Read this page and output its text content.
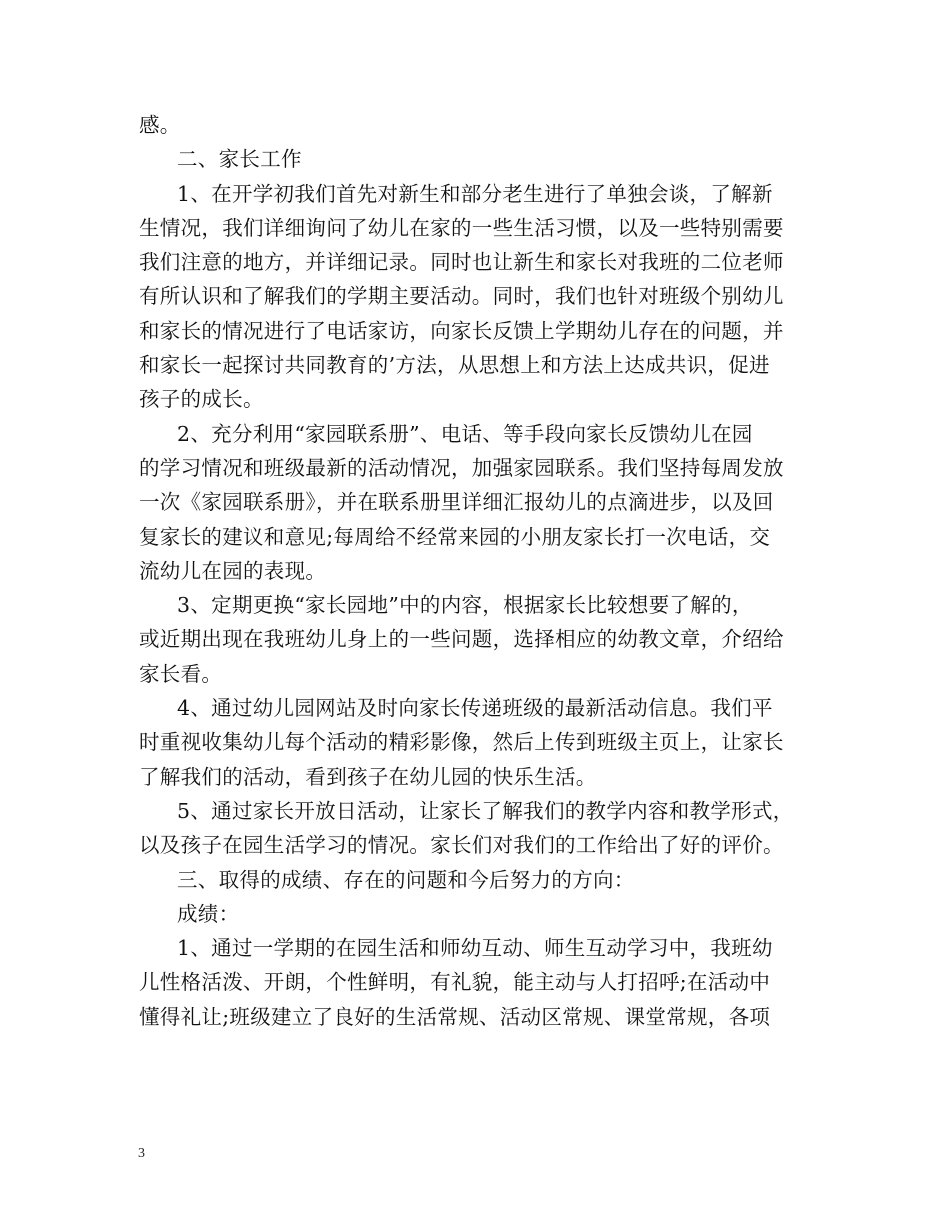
感。
二、家长工作
1、在开学初我们首先对新生和部分老生进行了单独会谈，了解新
生情况，我们详细询问了幼儿在家的一些生活习惯，以及一些特别需要
我们注意的地方，并详细记录。同时也让新生和家长对我班的二位老师
有所认识和了解我们的学期主要活动。同时，我们也针对班级个别幼儿
和家长的情况进行了电话家访，向家长反馈上学期幼儿存在的问题，并
和家长一起探讨共同教育的’方法，从思想上和方法上达成共识，促进
孩子的成长。
2、充分利用“家园联系册”、电话、等手段向家长反馈幼儿在园
的学习情况和班级最新的活动情况，加强家园联系。我们坚持每周发放
一次《家园联系册》，并在联系册里详细汇报幼儿的点滴进步，以及回
复家长的建议和意见;每周给不经常来园的小朋友家长打一次电话，交
流幼儿在园的表现。
3、定期更换“家长园地”中的内容，根据家长比较想要了解的，
或近期出现在我班幼儿身上的一些问题，选择相应的幼教文章，介绍给
家长看。
4、通过幼儿园网站及时向家长传递班级的最新活动信息。我们平
时重视收集幼儿每个活动的精彩影像，然后上传到班级主页上，让家长
了解我们的活动，看到孩子在幼儿园的快乐生活。
5、通过家长开放日活动，让家长了解我们的教学内容和教学形式，
以及孩子在园生活学习的情况。家长们对我们的工作给出了好的评价。
三、取得的成绩、存在的问题和今后努力的方向：
成绩：
1、通过一学期的在园生活和师幼互动、师生互动学习中，我班幼
儿性格活泼、开朗，个性鲜明，有礼貌，能主动与人打招呼;在活动中
懂得礼让;班级建立了良好的生活常规、活动区常规、课堂常规，各项
3
